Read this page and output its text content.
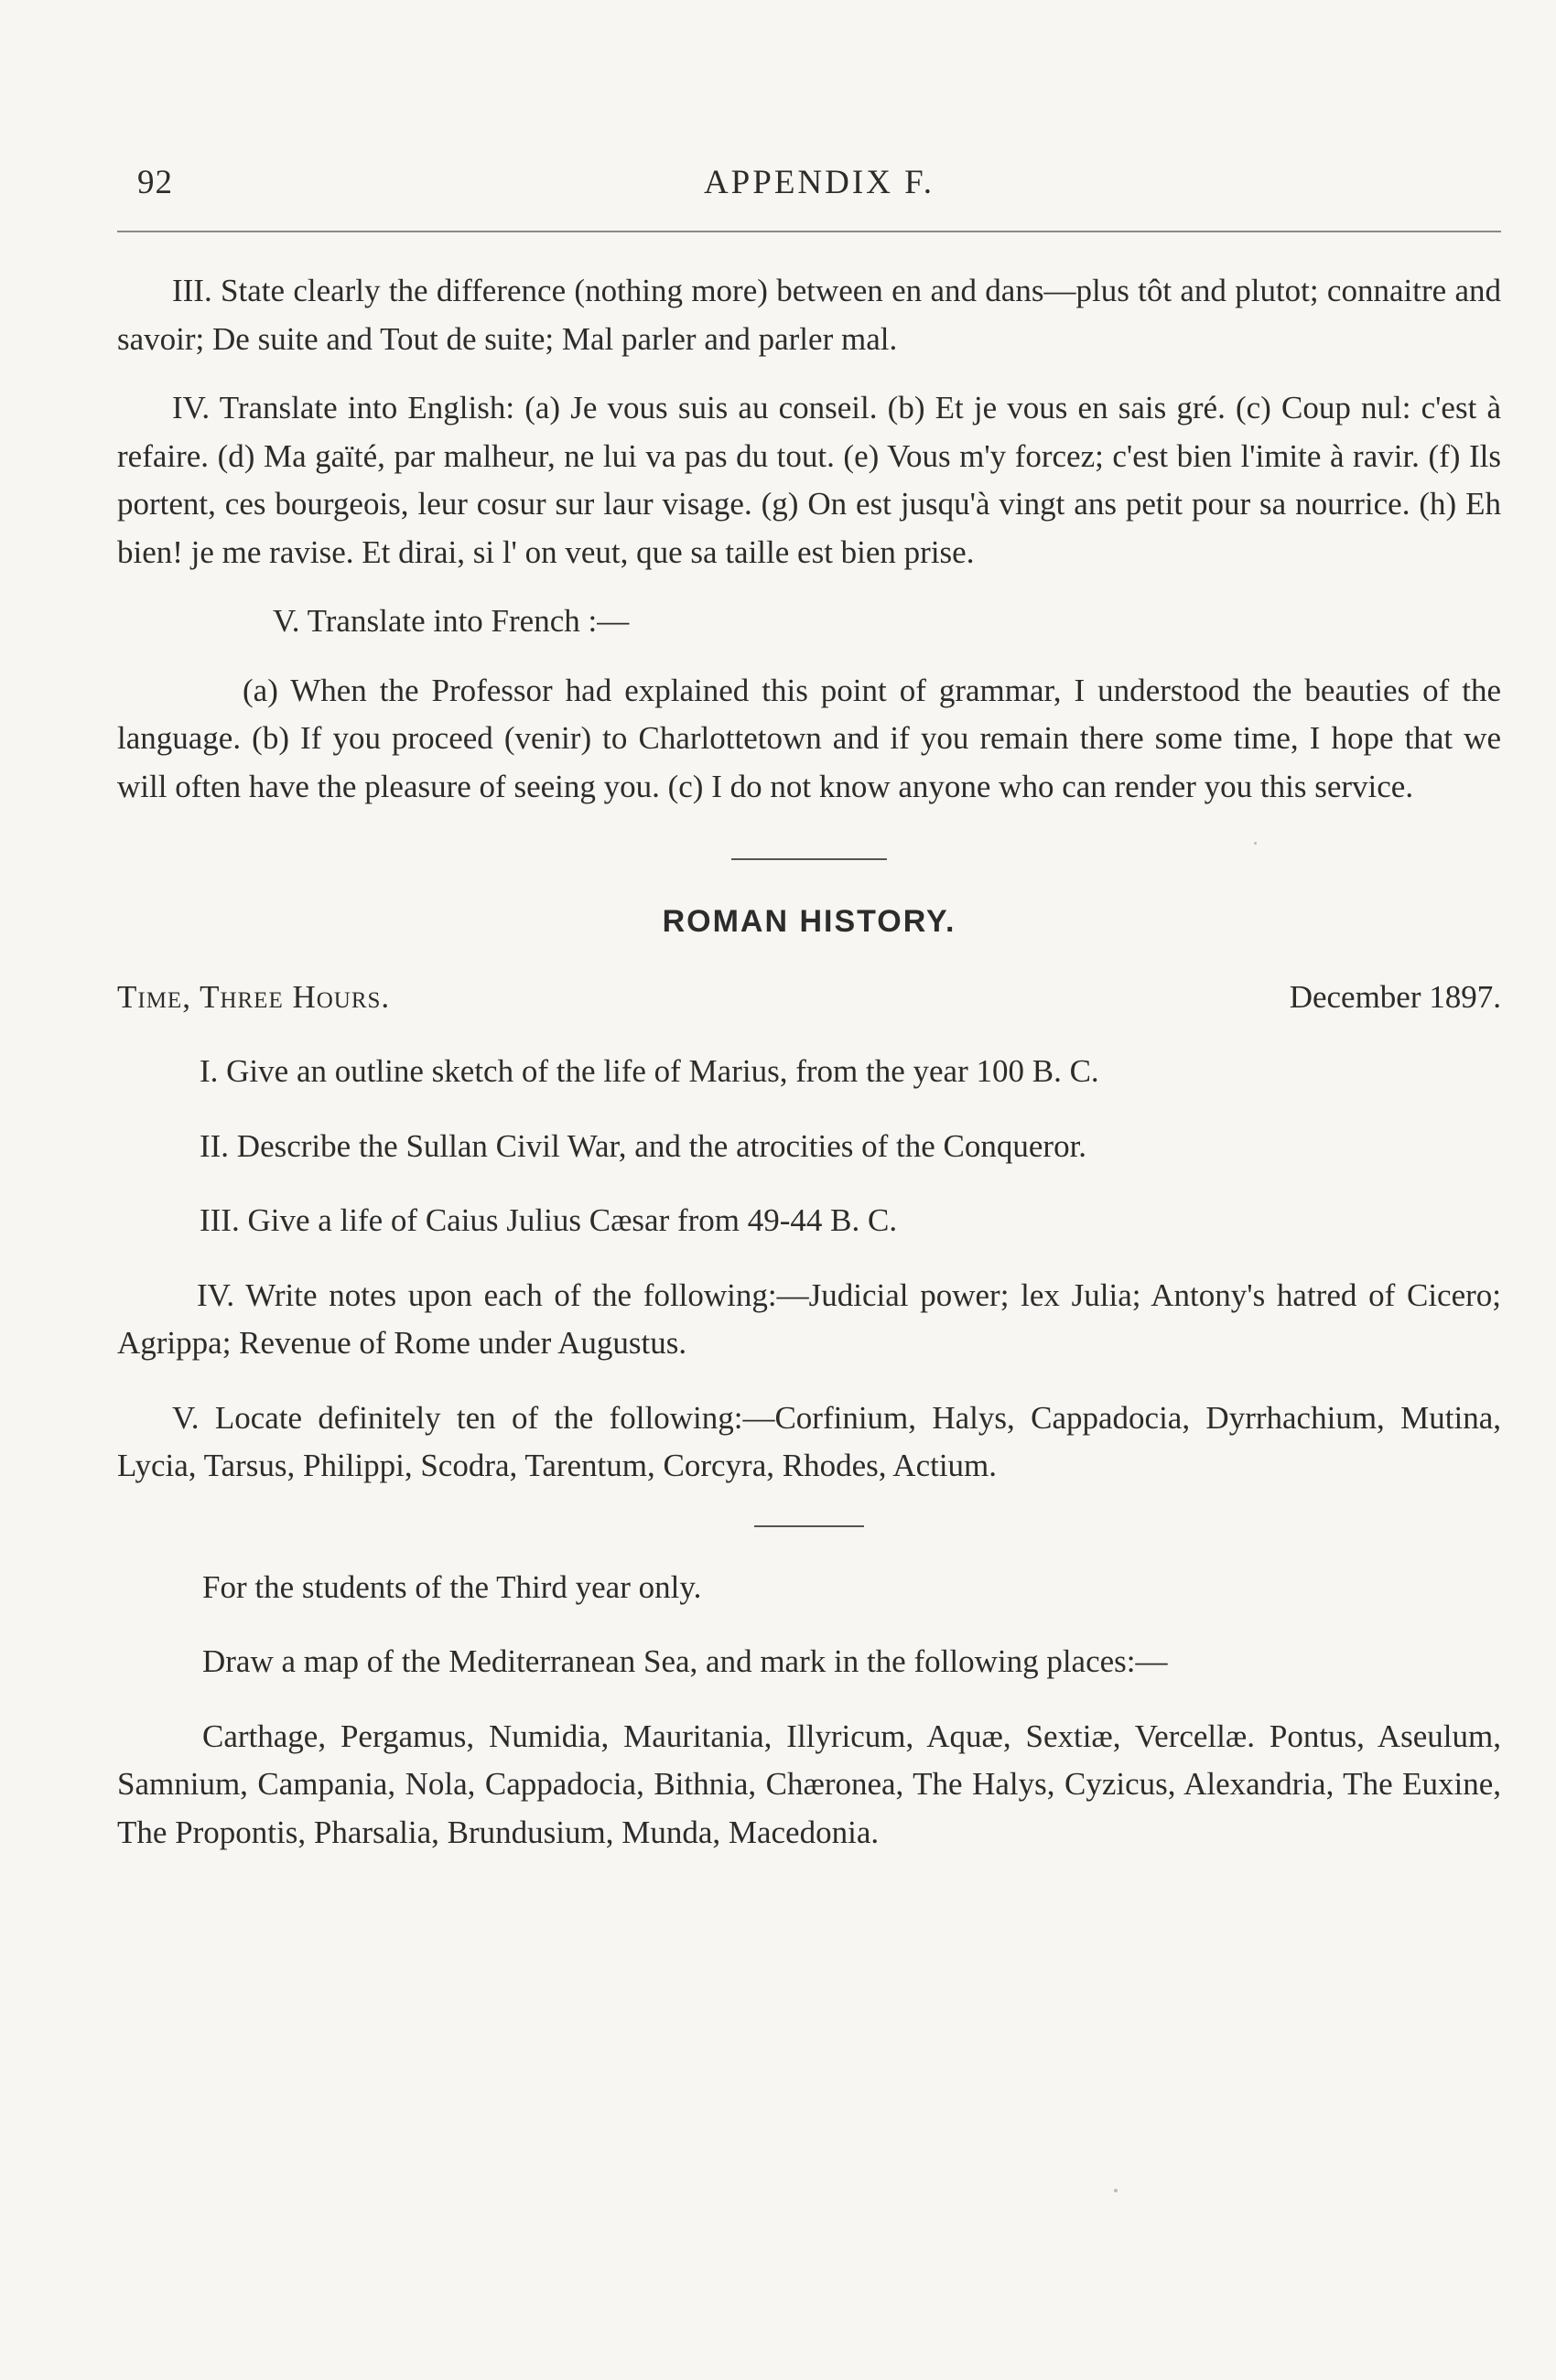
92	APPENDIX F.

III. State clearly the difference (nothing more) between en and dans—plus tôt and plutot; connaitre and savoir; De suite and Tout de suite; Mal parler and parler mal.

IV. Translate into English: (a) Je vous suis au conseil. (b) Et je vous en sais gré. (c) Coup nul: c'est à refaire. (d) Ma gaïté, par malheur, ne lui va pas du tout. (e) Vous m'y forcez; c'est bien l'imite à ravir. (f) Ils portent, ces bourgeois, leur cosur sur laur visage. (g) On est jusqu'à vingt ans petit pour sa nourrice. (h) Eh bien! je me ravise. Et dirai, si l' on veut, que sa taille est bien prise.

V. Translate into French :—

(a) When the Professor had explained this point of grammar, I understood the beauties of the language. (b) If you proceed (venir) to Charlottetown and if you remain there some time, I hope that we will often have the pleasure of seeing you. (c) I do not know anyone who can render you this service.

ROMAN HISTORY.
Time, Three Hours.	December 1897.

I. Give an outline sketch of the life of Marius, from the year 100 B. C.

II. Describe the Sullan Civil War, and the atrocities of the Conqueror.

III. Give a life of Caius Julius Cæsar from 49-44 B. C.

IV. Write notes upon each of the following:—Judicial power; lex Julia; Antony's hatred of Cicero; Agrippa; Revenue of Rome under Augustus.

V. Locate definitely ten of the following:—Corfinium, Halys, Cappadocia, Dyrrhachium, Mutina, Lycia, Tarsus, Philippi, Scodra, Tarentum, Corcyra, Rhodes, Actium.

For the students of the Third year only.

Draw a map of the Mediterranean Sea, and mark in the following places:—

Carthage, Pergamus, Numidia, Mauritania, Illyricum, Aquæ, Sextiæ, Vercellæ. Pontus, Aseulum, Samnium, Campania, Nola, Cappadocia, Bithnia, Chæronea, The Halys, Cyzicus, Alexandria, The Euxine, The Propontis, Pharsalia, Brundusium, Munda, Macedonia.
